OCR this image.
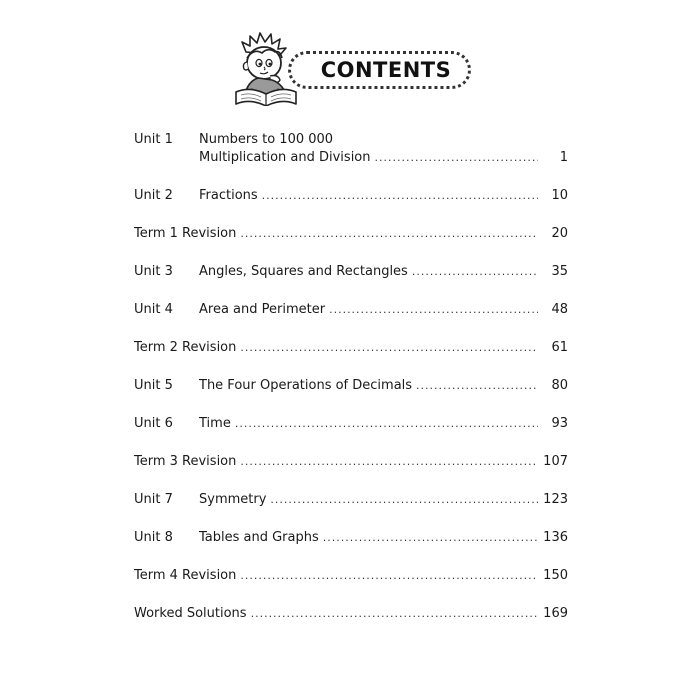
CONTENTS
Unit 1	Numbers to 100 000
Multiplication and Division .....	1
Unit 2	Fractions .....	10
Term 1 Revision .....	20
Unit 3	Angles, Squares and Rectangles .....	35
Unit 4	Area and Perimeter .....	48
Term 2 Revision .....	61
Unit 5	The Four Operations of Decimals .....	80
Unit 6	Time .....	93
Term 3 Revision .....	107
Unit 7	Symmetry .....	123
Unit 8	Tables and Graphs .....	136
Term 4 Revision .....	150
Worked Solutions .....	169
